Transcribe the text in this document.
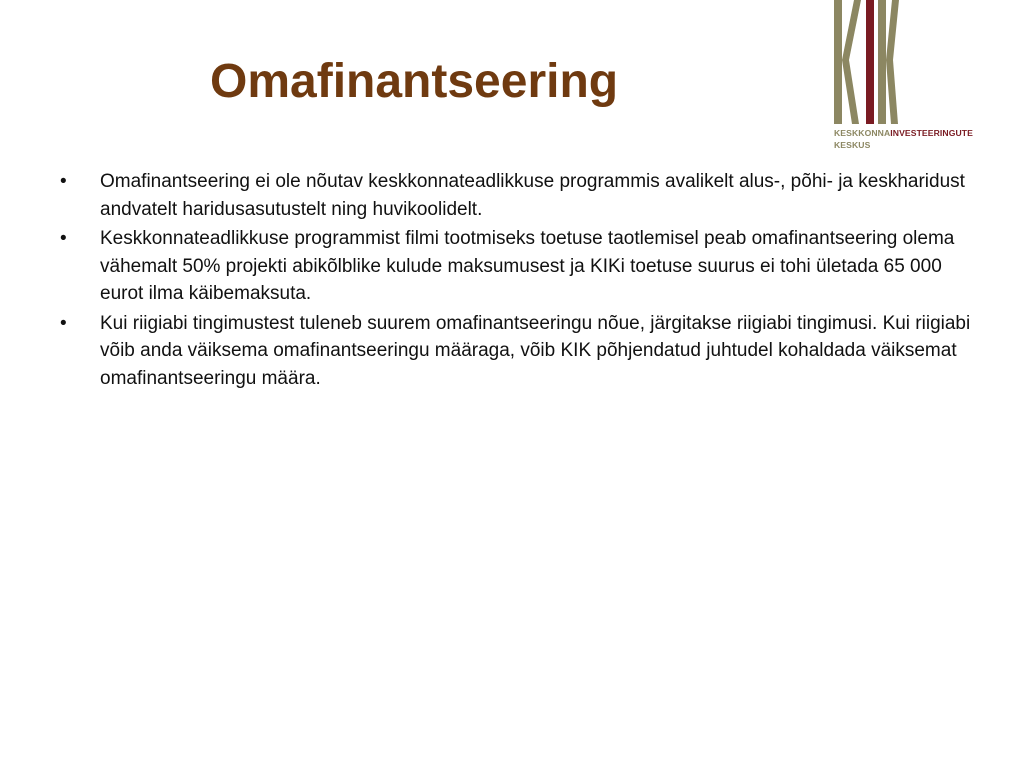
Omafinantseering
KESKKONNAINVESTEERINGUTE
KESKUS
• Omafinantseering ei ole nõutav keskkonnateadlikkuse programmis avalikelt alus-, põhi- ja keskharidust andvatelt haridusasutustelt ning huvikoolidelt.
• Keskkonnateadlikkuse programmist filmi tootmiseks toetuse taotlemisel peab omafinantseering olema vähemalt 50% projekti abikõlblike kulude maksumusest ja KIKi toetuse suurus ei tohi ületada 65 000 eurot ilma käibemaksuta.
• Kui riigiabi tingimustest tuleneb suurem omafinantseeringu nõue, järgitakse riigiabi tingimusi. Kui riigiabi võib anda väiksema omafinantseeringu määraga, võib KIK põhjendatud juhtudel kohaldada väiksemat omafinantseeringu määra.
